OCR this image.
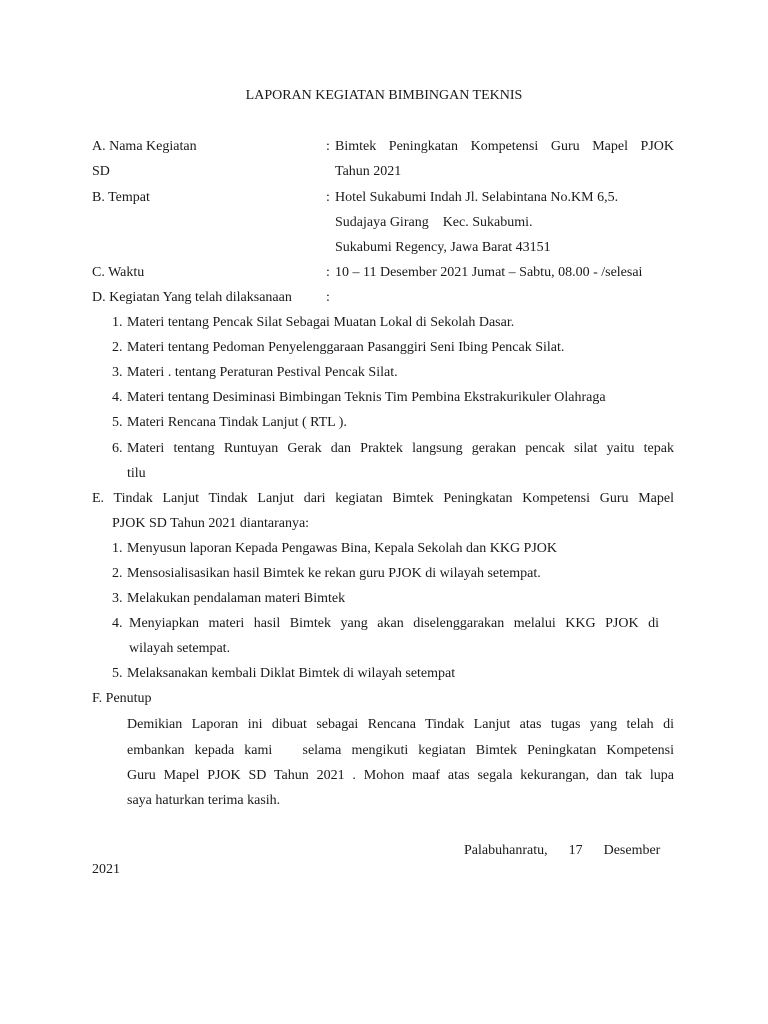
LAPORAN KEGIATAN BIMBINGAN TEKNIS
A. Nama Kegiatan	: Bimtek Peningkatan Kompetensi Guru Mapel PJOK
SD	Tahun 2021
B. Tempat	: Hotel Sukabumi Indah Jl. Selabintana No.KM 6,5.
Sudajaya Girang    Kec. Sukabumi.
Sukabumi Regency, Jawa Barat 43151
C. Waktu	: 10 – 11 Desember 2021 Jumat – Sabtu, 08.00 - /selesai
D. Kegiatan Yang telah dilaksanaan :
1. Materi tentang Pencak Silat Sebagai Muatan Lokal di Sekolah Dasar.
2. Materi tentang Pedoman Penyelenggaraan Pasanggiri Seni Ibing Pencak Silat.
3. Materi . tentang Peraturan Pestival Pencak Silat.
4. Materi tentang Desiminasi Bimbingan Teknis Tim Pembina Ekstrakurikuler Olahraga
5. Materi Rencana Tindak Lanjut ( RTL ).
6. Materi tentang Runtuyan Gerak dan Praktek langsung gerakan pencak silat yaitu tepak
tilu
E. Tindak Lanjut Tindak Lanjut dari kegiatan Bimtek Peningkatan Kompetensi Guru Mapel
PJOK SD Tahun 2021 diantaranya:
1. Menyusun laporan Kepada Pengawas Bina, Kepala Sekolah dan KKG PJOK
2. Mensosialisasikan hasil Bimtek ke rekan guru PJOK di wilayah setempat.
3. Melakukan pendalaman materi Bimtek
4. Menyiapkan materi hasil Bimtek yang akan diselenggarakan melalui KKG PJOK di
wilayah setempat.
5. Melaksanakan kembali Diklat Bimtek di wilayah setempat
F. Penutup
Demikian Laporan ini dibuat sebagai Rencana Tindak Lanjut atas tugas yang telah di
embankan kepada kami   selama mengikuti kegiatan Bimtek Peningkatan Kompetensi
Guru Mapel PJOK SD Tahun 2021 . Mohon maaf atas segala kekurangan, dan tak lupa
saya haturkan terima kasih.
Palabuhanratu,      17      Desember
2021
